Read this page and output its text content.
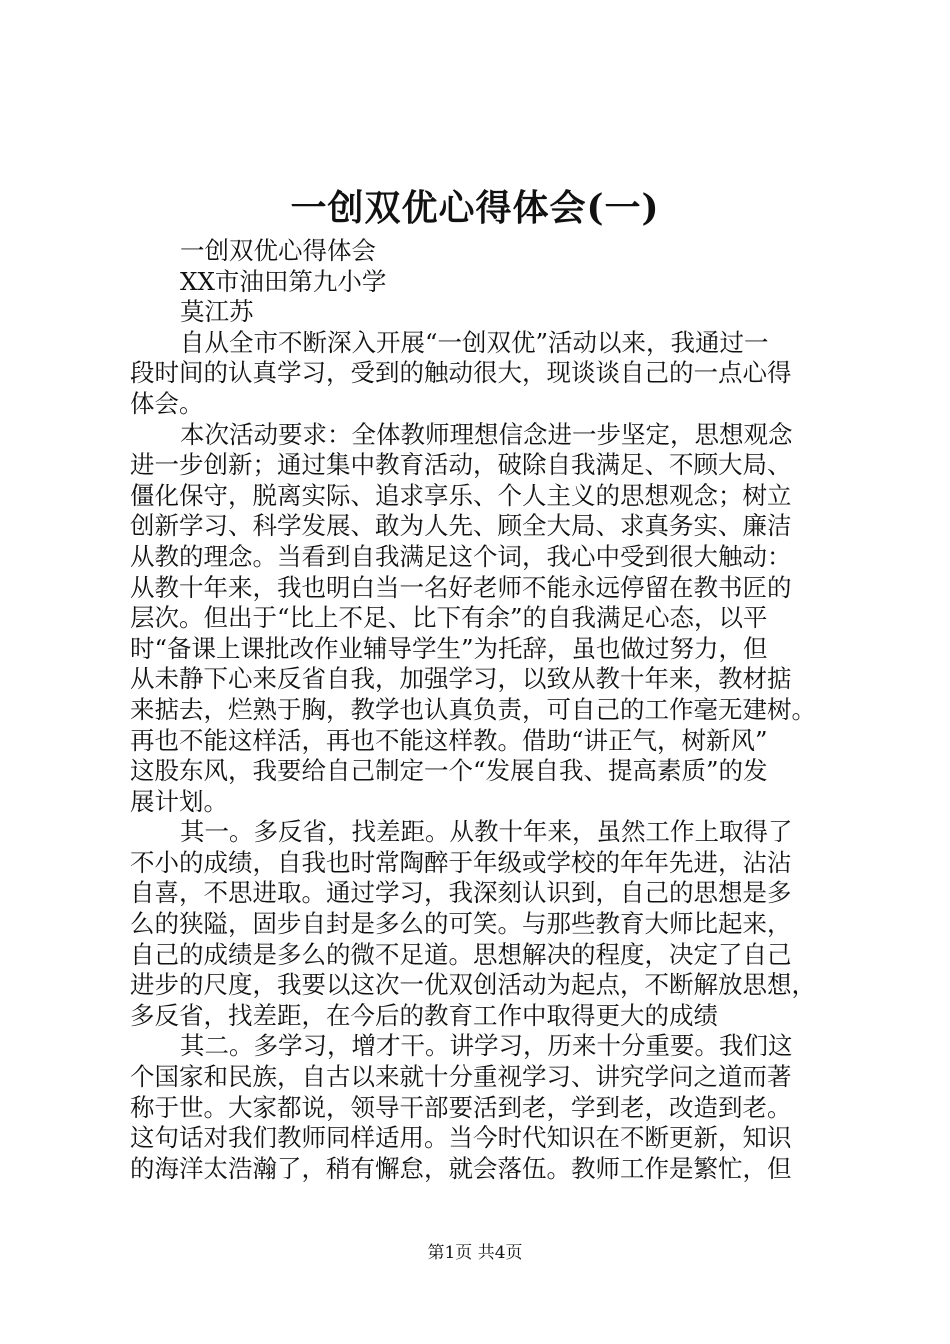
一创双优心得体会(一)

一创双优心得体会

XX市油田第九小学

莫江苏

自从全市不断深入开展“一创双优”活动以来，我通过一

段时间的认真学习，受到的触动很大，现谈谈自己的一点心得

体会。

本次活动要求：全体教师理想信念进一步坚定，思想观念

进一步创新；通过集中教育活动，破除自我满足、不顾大局、

僵化保守，脱离实际、追求享乐、个人主义的思想观念；树立

创新学习、科学发展、敢为人先、顾全大局、求真务实、廉洁

从教的理念。当看到自我满足这个词，我心中受到很大触动：

从教十年来，我也明白当一名好老师不能永远停留在教书匠的

层次。但出于“比上不足、比下有余”的自我满足心态，以平

时“备课上课批改作业辅导学生”为托辞，虽也做过努力，但

从未静下心来反省自我，加强学习，以致从教十年来，教材掂

来掂去，烂熟于胸，教学也认真负责，可自己的工作毫无建树。

再也不能这样活，再也不能这样教。借助“讲正气，树新风”

这股东风，我要给自己制定一个“发展自我、提高素质”的发

展计划。

其一。多反省，找差距。从教十年来，虽然工作上取得了

不小的成绩，自我也时常陶醉于年级或学校的年年先进，沾沾

自喜，不思进取。通过学习，我深刻认识到，自己的思想是多

么的狭隘，固步自封是多么的可笑。与那些教育大师比起来，

自己的成绩是多么的微不足道。思想解决的程度，决定了自己

进步的尺度，我要以这次一优双创活动为起点，不断解放思想，

多反省，找差距，在今后的教育工作中取得更大的成绩

其二。多学习，增才干。讲学习，历来十分重要。我们这

个国家和民族，自古以来就十分重视学习、讲究学问之道而著

称于世。大家都说，领导干部要活到老，学到老，改造到老。

这句话对我们教师同样适用。当今时代知识在不断更新，知识

的海洋太浩瀚了，稍有懈怠，就会落伍。教师工作是繁忙，但

第1页 共4页
